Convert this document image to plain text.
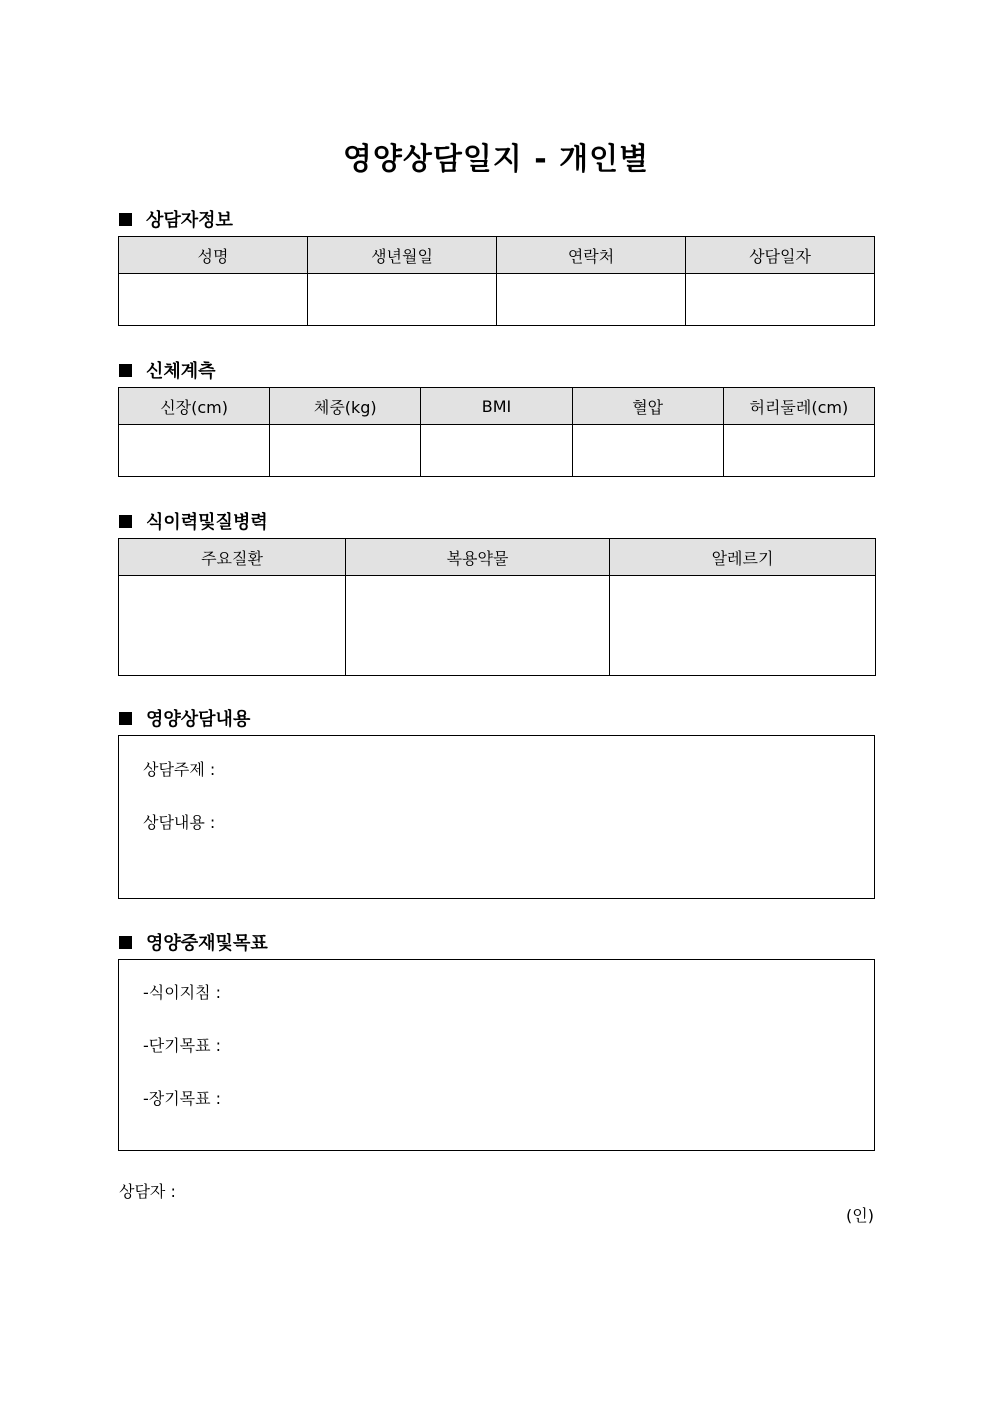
영양상담일지 - 개인별
상담자정보
성명	생년월일	연락처	상담일자

신체계측
신장(cm)	체중(kg)	BMI	혈압	허리둘레(cm)

식이력및질병력
주요질환	복용약물	알레르기

영양상담내용
상담주제 :
상담내용 :
영양중재및목표
-식이지침 :
-단기목표 :
-장기목표 :
상담자 :
(인)
